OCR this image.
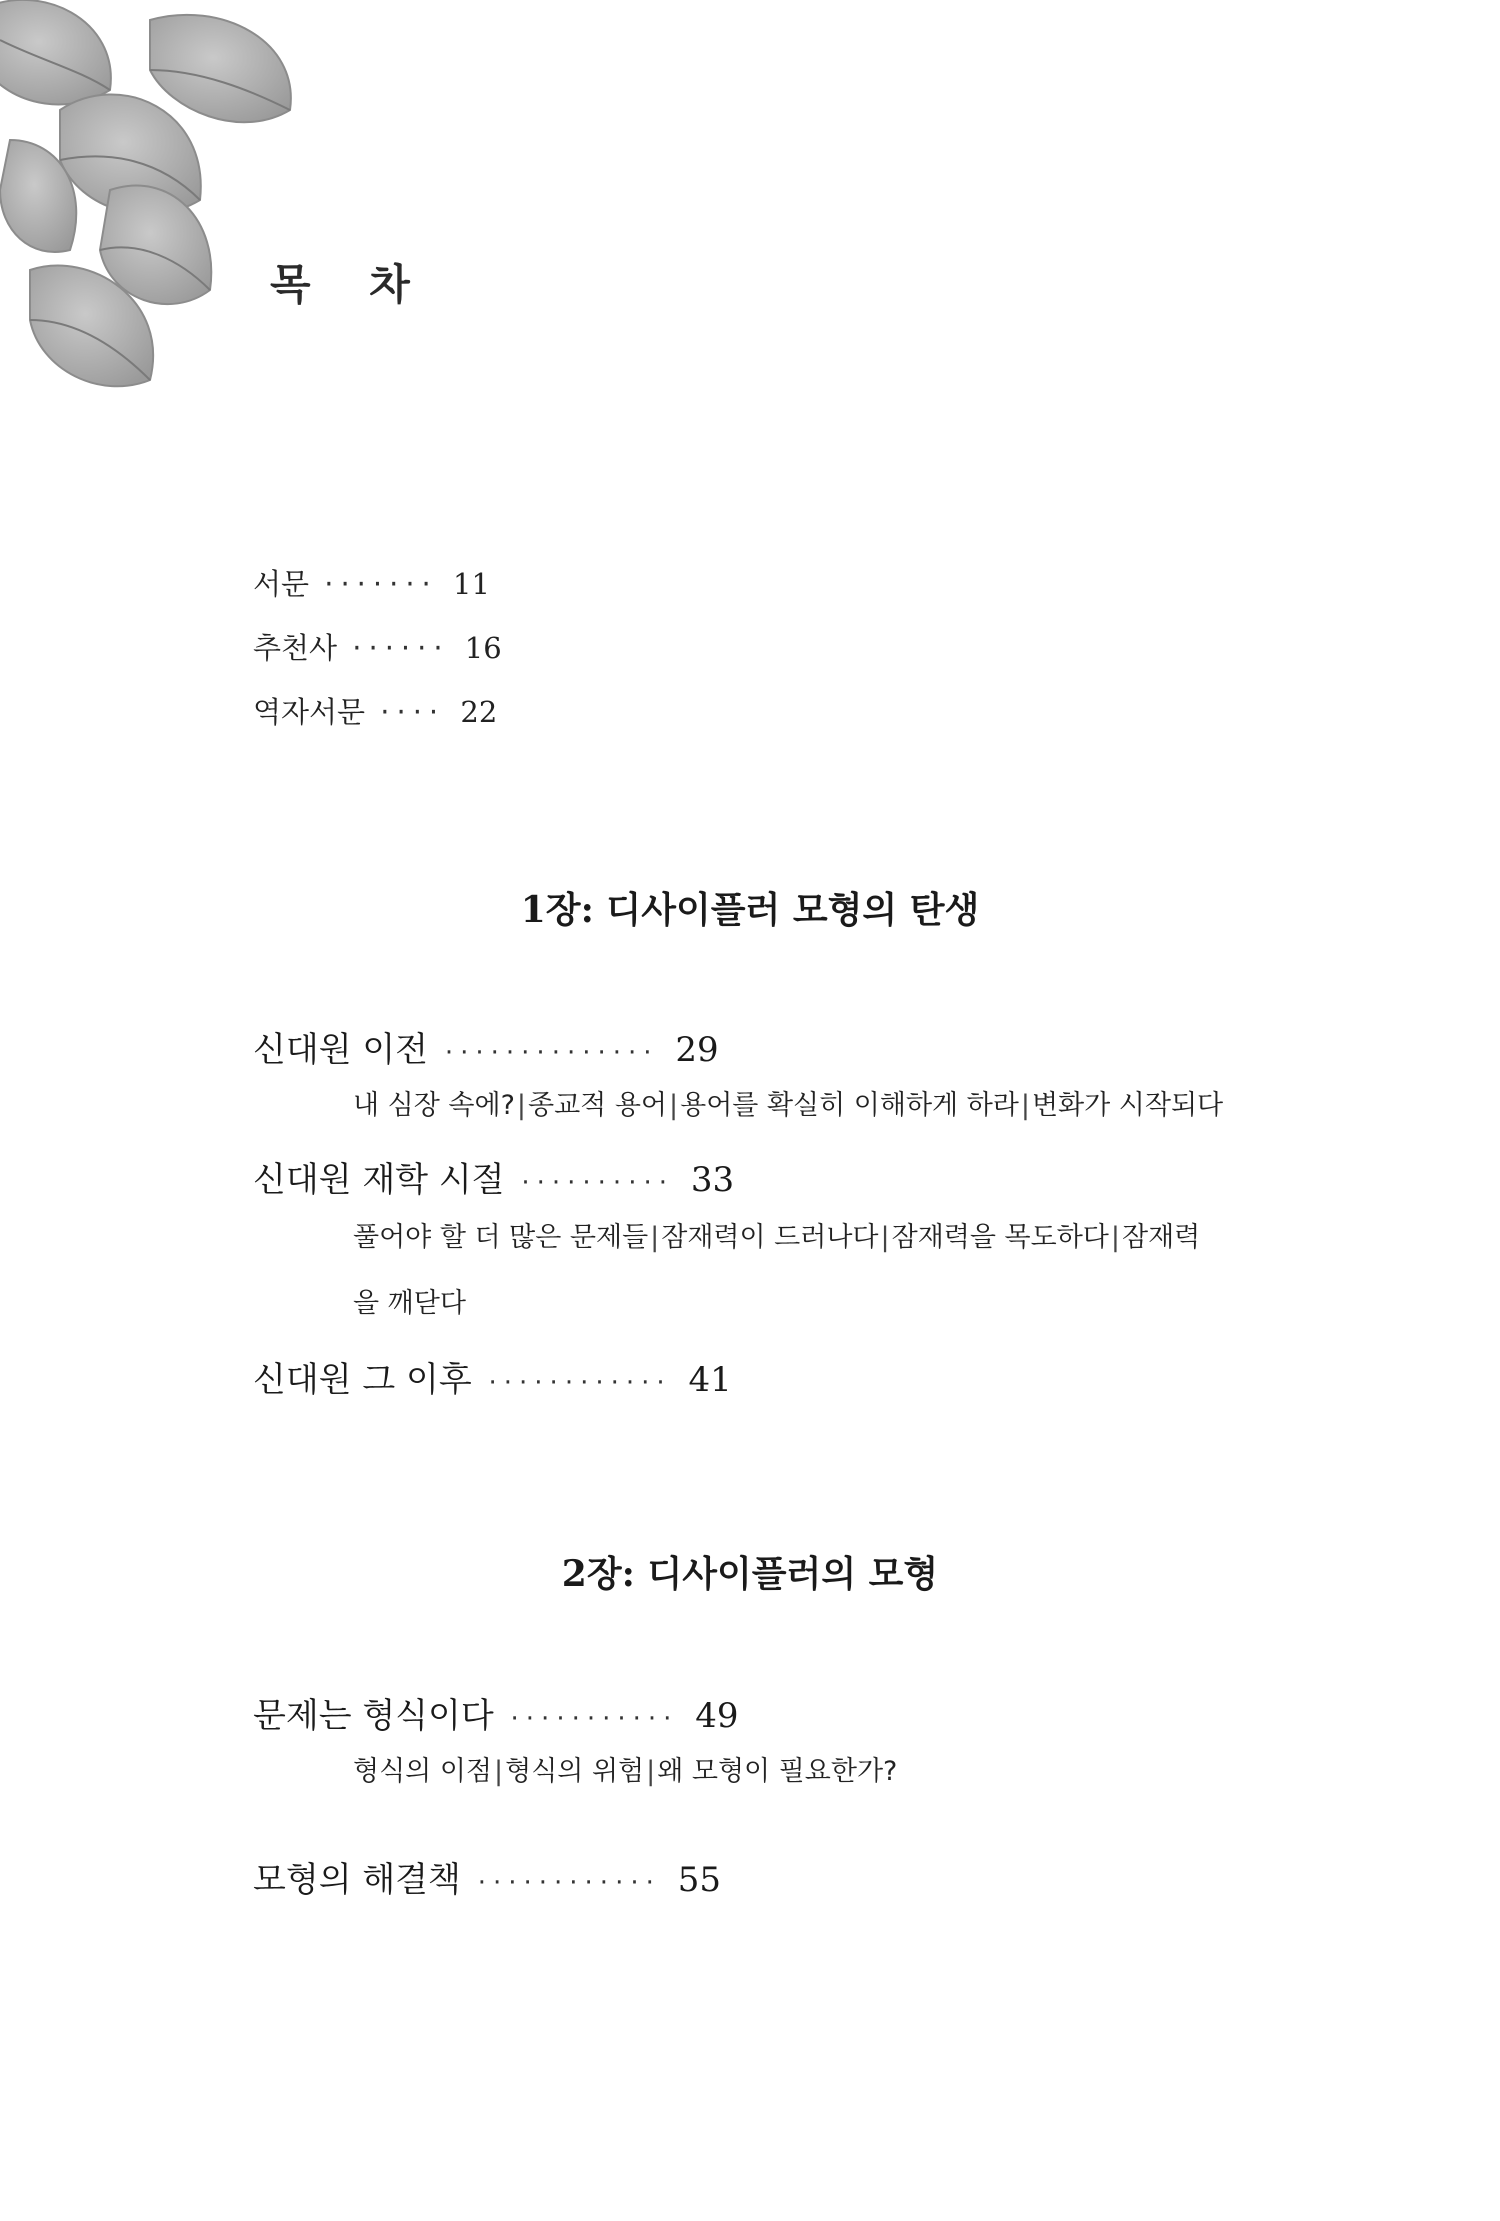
목 차
서문 ······· 11
추천사 ······ 16
역자서문 ···· 22
1장: 디사이플러 모형의 탄생
신대원 이전 ·············· 29
내 심장 속에?|종교적 용어|용어를 확실히 이해하게 하라|변화가 시작되다
신대원 재학 시절 ·········· 33
풀어야 할 더 많은 문제들|잠재력이 드러나다|잠재력을 목도하다|잠재력
을 깨닫다
신대원 그 이후 ············ 41
2장: 디사이플러의 모형
문제는 형식이다 ··········· 49
형식의 이점|형식의 위험|왜 모형이 필요한가?
모형의 해결책 ············ 55
